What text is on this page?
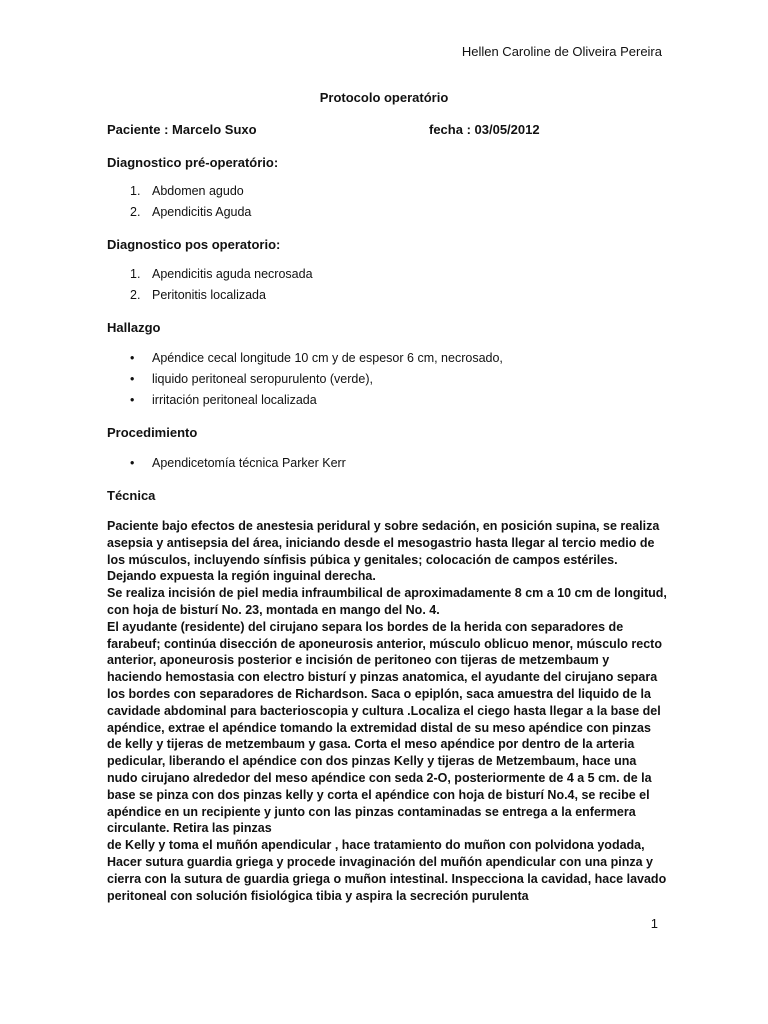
Hellen Caroline de Oliveira Pereira
Protocolo operatório
Paciente : Marcelo Suxo	fecha : 03/05/2012
Diagnostico pré-operatório:
1. Abdomen agudo
2. Apendicitis Aguda
Diagnostico pos operatorio:
1. Apendicitis aguda necrosada
2. Peritonitis localizada
Hallazgo
• Apéndice cecal longitude 10 cm y de espesor 6 cm, necrosado,
• liquido peritoneal seropurulento (verde),
• irritación peritoneal localizada
Procedimiento
• Apendicetomía técnica Parker Kerr
Técnica

Paciente bajo efectos de anestesia peridural y sobre sedación, en posición supina, se realiza asepsia y antisepsia del área, iniciando desde el mesogastrio hasta llegar al tercio medio de los músculos, incluyendo sínfisis púbica y genitales; colocación de campos estériles. Dejando expuesta la región inguinal derecha.

Se realiza incisión de piel media infraumbilical de aproximadamente 8 cm a 10 cm de longitud, con hoja de bisturí No. 23, montada en mango del No. 4.

El ayudante (residente) del cirujano separa los bordes de la herida con separadores de farabeuf; continúa disección de aponeurosis anterior, músculo oblicuo menor, músculo recto anterior, aponeurosis posterior e incisión de peritoneo con tijeras de metzembaum y haciendo hemostasia con electro bisturí y pinzas anatomica, el ayudante del cirujano separa los bordes con separadores de Richardson. Saca o epiplón, saca amuestra del liquido de la cavidade abdominal para bacterioscopia y cultura .Localiza el ciego hasta llegar a la base del apéndice, extrae el apéndice tomando la extremidad distal de su meso apéndice con pinzas de kelly y tijeras de metzembaum y gasa. Corta el meso apéndice por dentro de la arteria pedicular, liberando el apéndice con dos pinzas Kelly y tijeras de Metzembaum, hace una nudo cirujano alrededor del meso apéndice con seda 2-O, posteriormente de 4 a 5 cm. de la base se pinza con dos pinzas kelly y corta el apéndice con hoja de bisturí No.4, se recibe el apéndice en un recipiente y junto con las pinzas contaminadas se entrega a la enfermera circulante. Retira las pinzas

de Kelly y toma el muñón apendicular , hace tratamiento do muñon con polvidona yodada, Hacer sutura guardia griega y procede invaginación del muñón apendicular con una pinza y cierra con la sutura de guardia griega o muñon intestinal. Inspecciona la cavidad, hace lavado peritoneal con solución fisiológica tibia y aspira la secreción purulenta

1
